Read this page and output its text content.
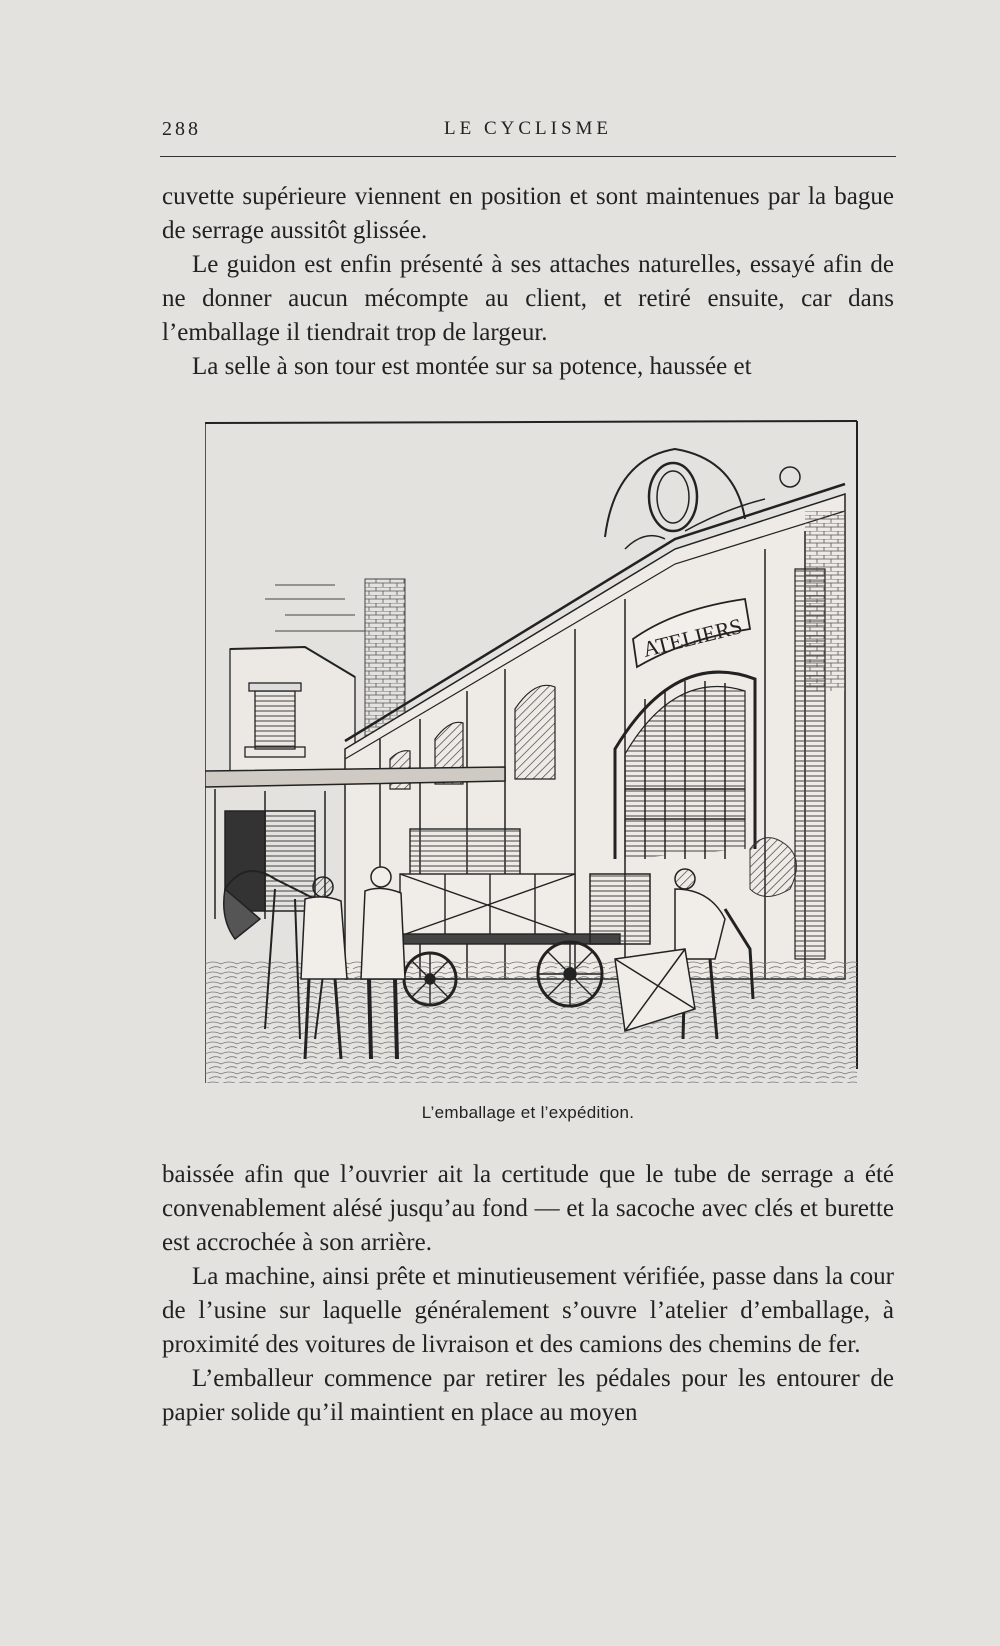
288	LE CYCLISME

cuvette supérieure viennent en position et sont maintenues par la bague de serrage aussitôt glissée.

Le guidon est enfin présenté à ses attaches naturelles, essayé afin de ne donner aucun mécompte au client, et retiré ensuite, car dans l’emballage il tiendrait trop de largeur.

La selle à son tour est montée sur sa potence, haussée et

ATELIERS
L’emballage et l’expédition.

baissée afin que l’ouvrier ait la certitude que le tube de serrage a été convenablement alésé jusqu’au fond — et la sacoche avec clés et burette est accrochée à son arrière.

La machine, ainsi prête et minutieusement vérifiée, passe dans la cour de l’usine sur laquelle généralement s’ouvre l’atelier d’emballage, à proximité des voitures de livraison et des camions des chemins de fer.

L’emballeur commence par retirer les pédales pour les entourer de papier solide qu’il maintient en place au moyen
